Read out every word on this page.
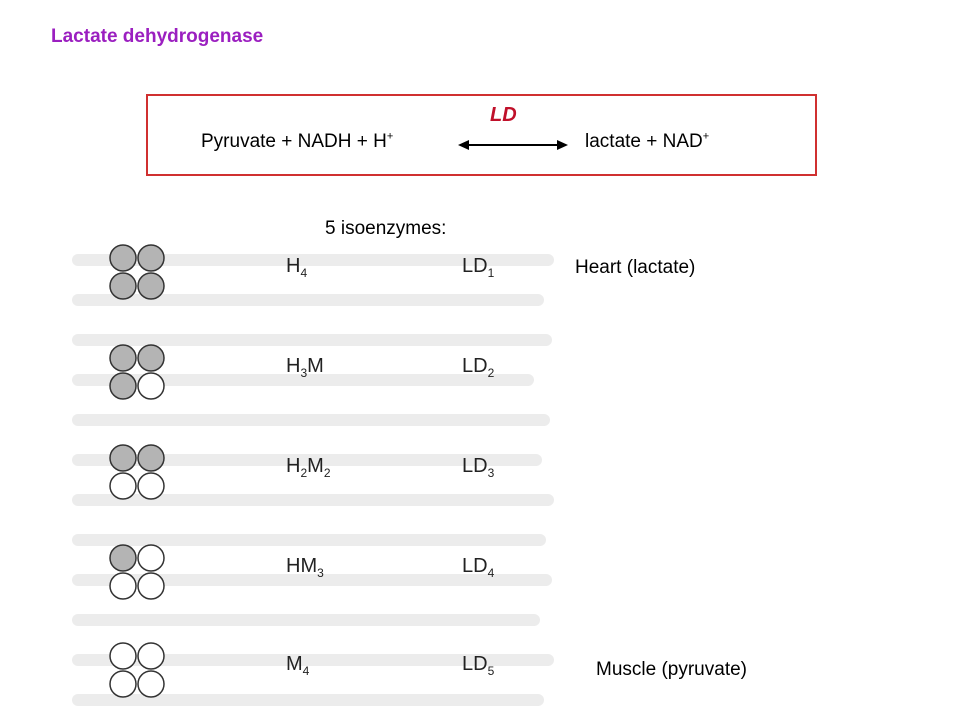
Lactate dehydrogenase
LD
Pyruvate + NADH + H+	lactate + NAD+
5 isoenzymes:
$H_4$	$LD_1$	Heart (lactate)
$H_3M$	$LD_2$
$H_2M_2$	$LD_3$
$HM_3$	$LD_4$
$M_4$	$LD_5$	Muscle (pyruvate)
